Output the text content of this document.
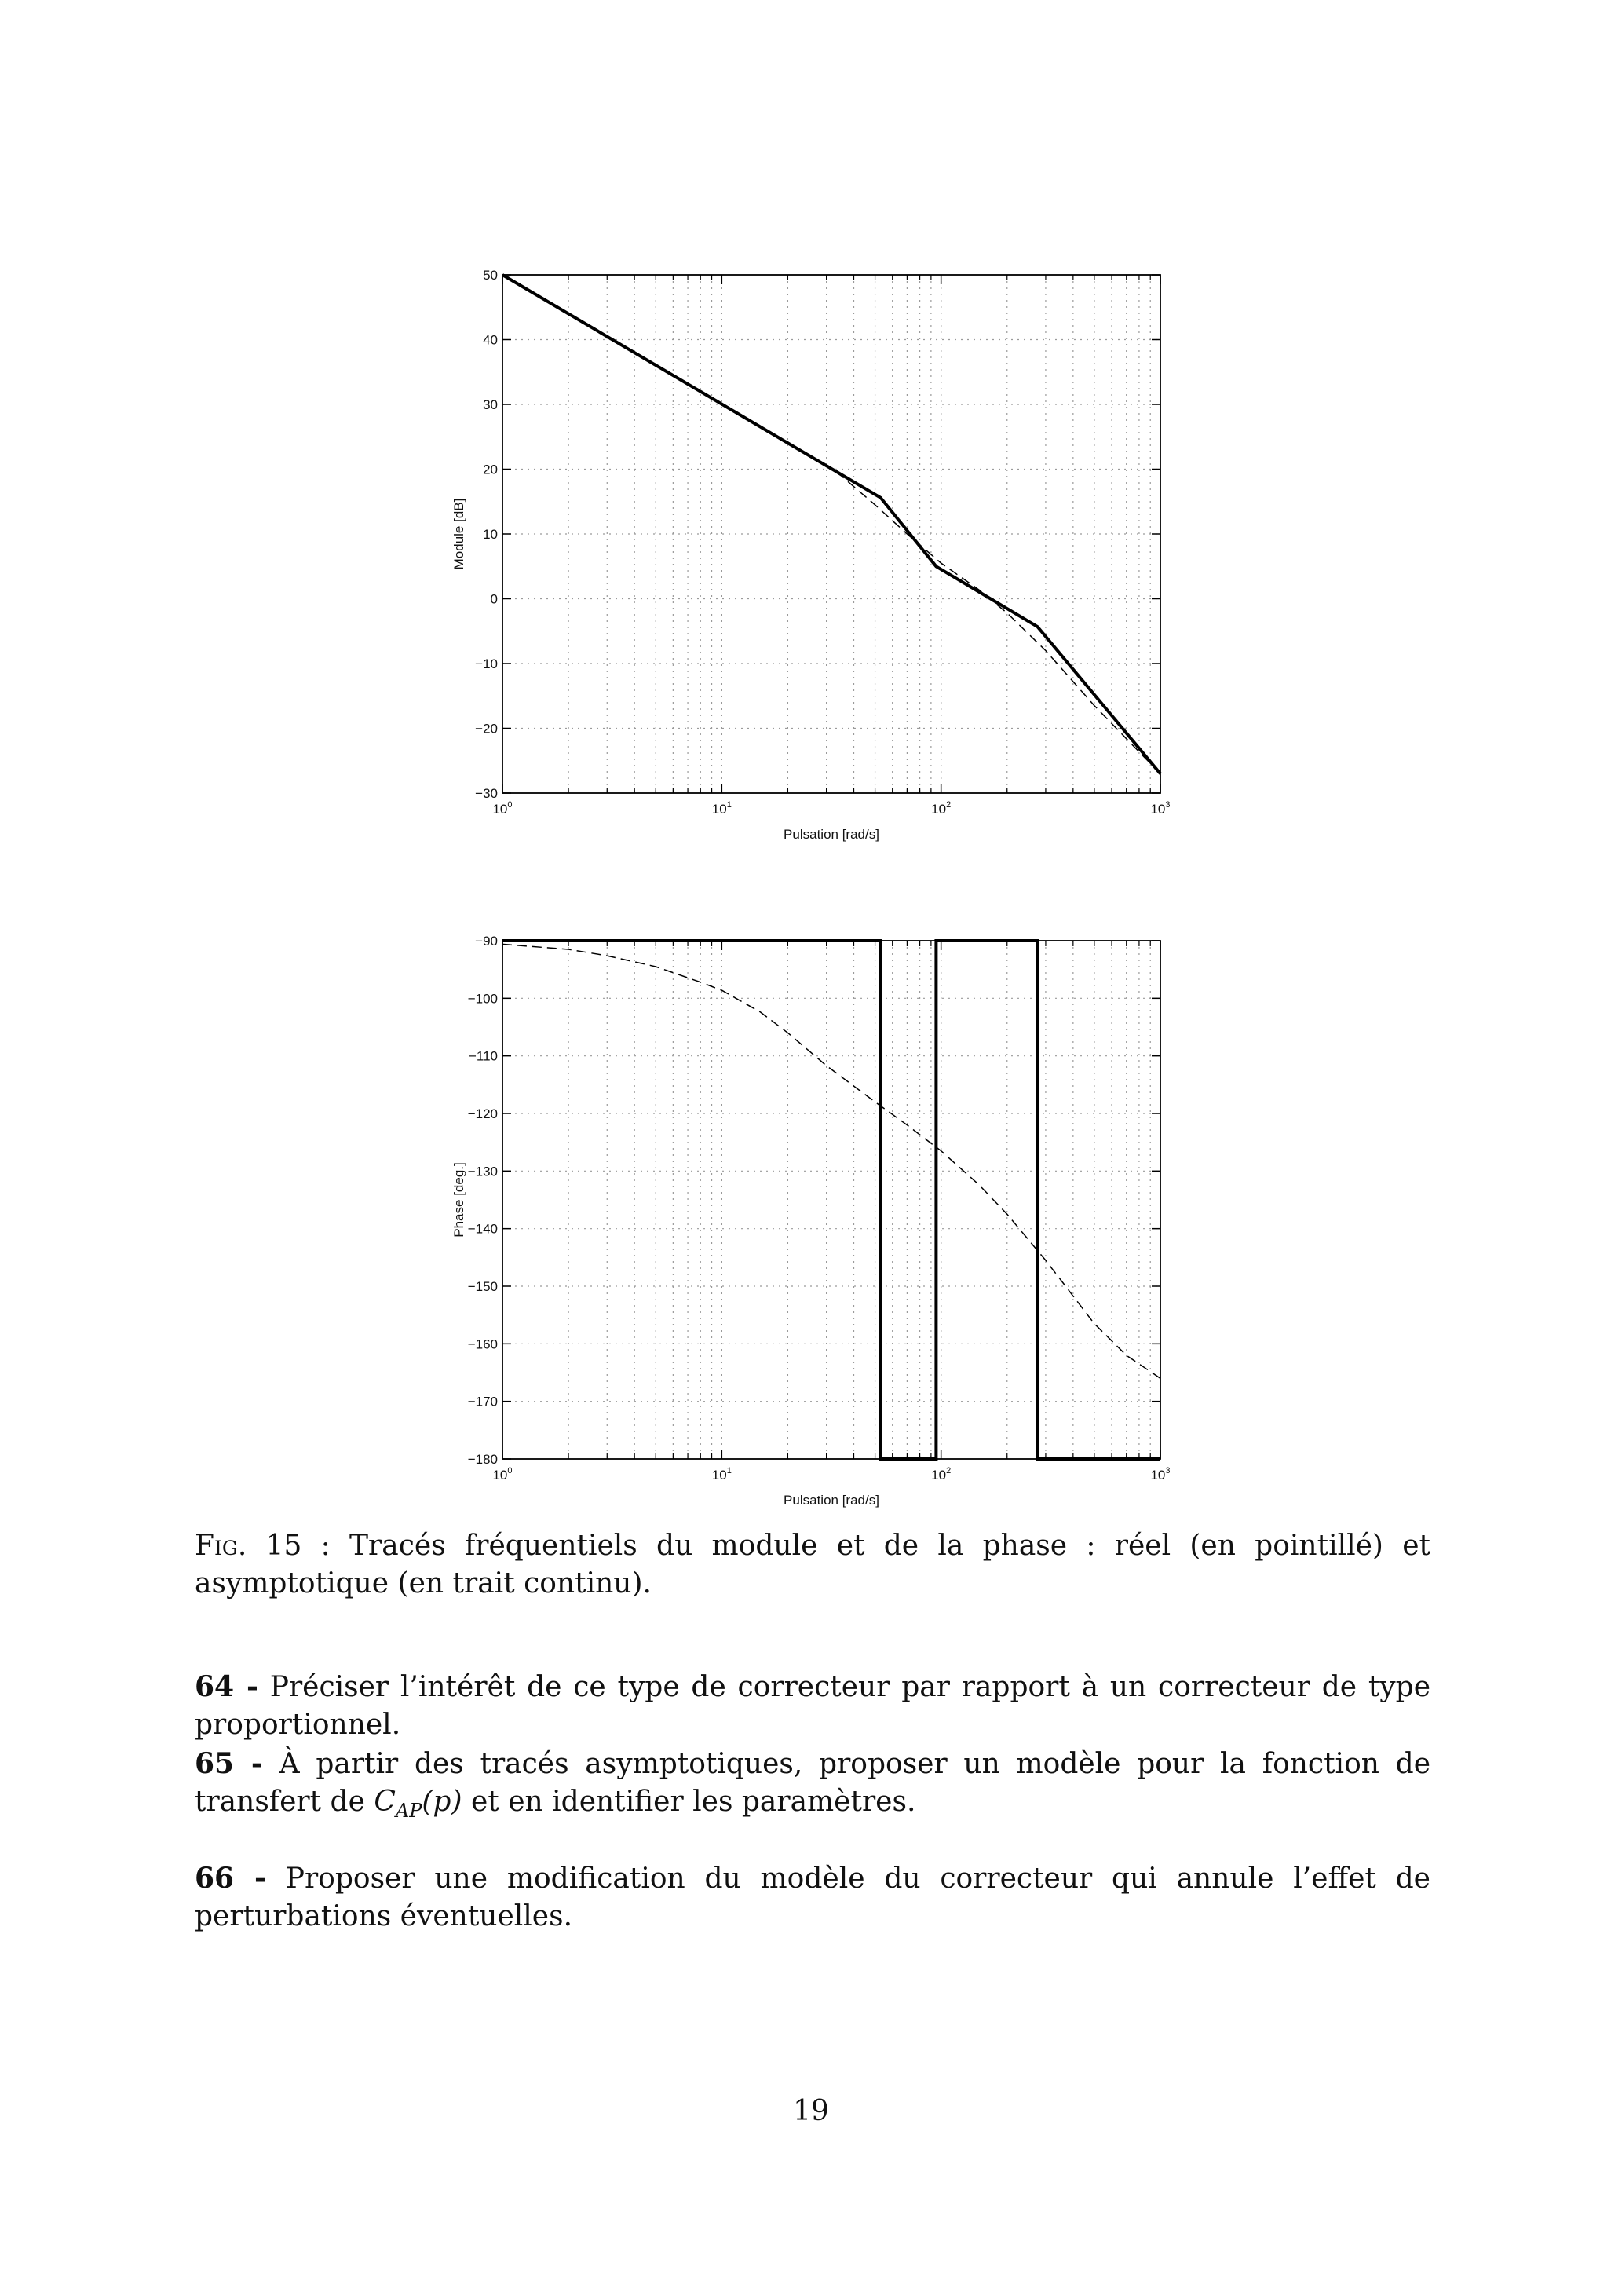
50
40
30
20
10
0
−10
−20
−30
$10^0$	$10^1$	$10^2$	$10^3$
Pulsation [rad/s]
Module [dB]
−90
−100
−110
−120
−130
−140
−150
−160
−170
−180
$10^0$	$10^1$	$10^2$	$10^3$
Pulsation [rad/s]
Phase [deg.]
Fig. 15 : Tracés fréquentiels du module et de la phase : réel (en pointillé) et asymptotique (en trait continu).
64 - Préciser l’intérêt de ce type de correcteur par rapport à un correcteur de type proportionnel.
65 - À partir des tracés asymptotiques, proposer un modèle pour la fonction de transfert de $C_{AP}(p)$ et en identifier les paramètres.
66 - Proposer une modification du modèle du correcteur qui annule l’effet de perturbations éventuelles.
19
